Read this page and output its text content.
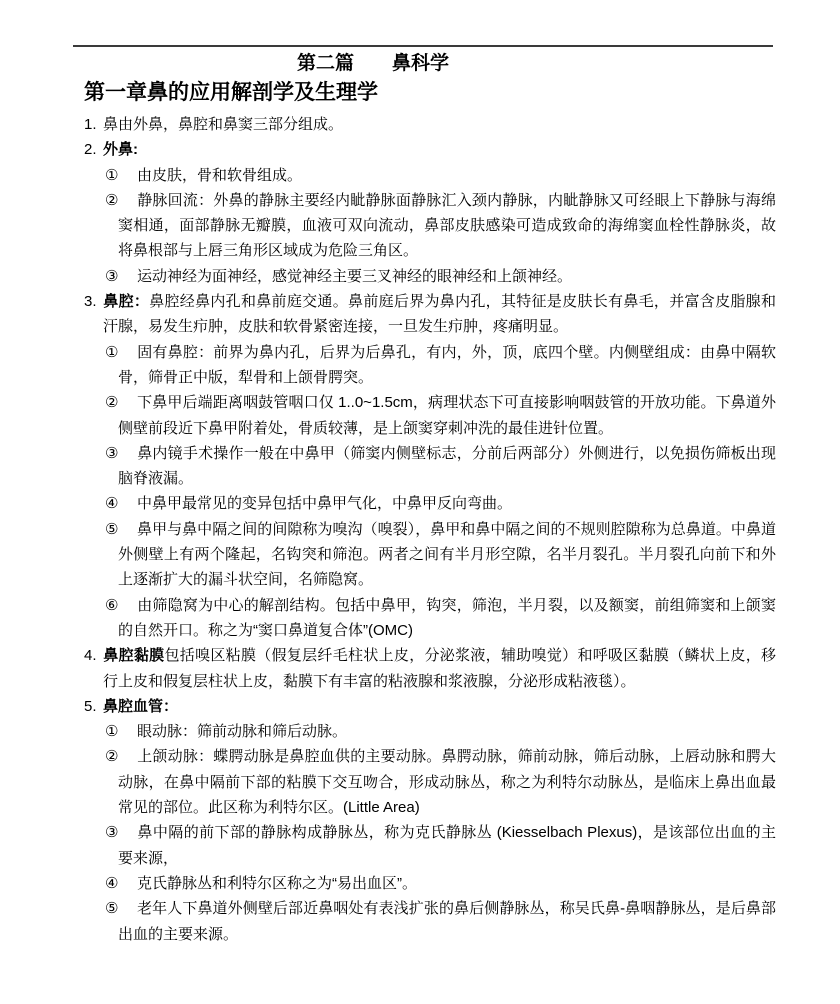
第二篇　　鼻科学
第一章鼻的应用解剖学及生理学

1. 鼻由外鼻，鼻腔和鼻窦三部分组成。

2. 外鼻:

① 由皮肤，骨和软骨组成。

② 静脉回流：外鼻的静脉主要经内眦静脉面静脉汇入颈内静脉，内眦静脉又可经眼上下静脉与海绵窦相通，面部静脉无瓣膜，血液可双向流动，鼻部皮肤感染可造成致命的海绵窦血栓性静脉炎，故将鼻根部与上唇三角形区域成为危险三角区。

③ 运动神经为面神经，感觉神经主要三叉神经的眼神经和上颌神经。

3. 鼻腔：鼻腔经鼻内孔和鼻前庭交通。鼻前庭后界为鼻内孔，其特征是皮肤长有鼻毛，并富含皮脂腺和汗腺，易发生疖肿，皮肤和软骨紧密连接，一旦发生疖肿，疼痛明显。

① 固有鼻腔：前界为鼻内孔，后界为后鼻孔，有内，外，顶，底四个壁。内侧壁组成：由鼻中隔软骨，筛骨正中版，犁骨和上颌骨腭突。

② 下鼻甲后端距离咽鼓管咽口仅 1..0~1.5cm，病理状态下可直接影响咽鼓管的开放功能。下鼻道外侧壁前段近下鼻甲附着处，骨质较薄，是上颌窦穿刺冲洗的最佳进针位置。

③ 鼻内镜手术操作一般在中鼻甲（筛窦内侧壁标志，分前后两部分）外侧进行，以免损伤筛板出现脑脊液漏。

④ 中鼻甲最常见的变异包括中鼻甲气化，中鼻甲反向弯曲。

⑤ 鼻甲与鼻中隔之间的间隙称为嗅沟（嗅裂），鼻甲和鼻中隔之间的不规则腔隙称为总鼻道。中鼻道外侧壁上有两个隆起，名钩突和筛泡。两者之间有半月形空隙，名半月裂孔。半月裂孔向前下和外上逐渐扩大的漏斗状空间，名筛隐窝。

⑥ 由筛隐窝为中心的解剖结构。包括中鼻甲，钩突，筛泡，半月裂，以及额窦，前组筛窦和上颌窦的自然开口。称之为“窦口鼻道复合体”(OMC)

4. 鼻腔黏膜包括嗅区粘膜（假复层纤毛柱状上皮，分泌浆液，辅助嗅觉）和呼吸区黏膜（鳞状上皮，移行上皮和假复层柱状上皮，黏膜下有丰富的粘液腺和浆液腺，分泌形成粘液毯）。

5. 鼻腔血管：

① 眼动脉：筛前动脉和筛后动脉。

② 上颌动脉：蝶腭动脉是鼻腔血供的主要动脉。鼻腭动脉，筛前动脉，筛后动脉，上唇动脉和腭大动脉，在鼻中隔前下部的粘膜下交互吻合，形成动脉丛，称之为利特尔动脉丛，是临床上鼻出血最常见的部位。此区称为利特尔区。(Little Area)

③ 鼻中隔的前下部的静脉构成静脉丛，称为克氏静脉丛 (Kiesselbach Plexus)，是该部位出血的主要来源，

④ 克氏静脉丛和利特尔区称之为“易出血区”。

⑤ 老年人下鼻道外侧壁后部近鼻咽处有表浅扩张的鼻后侧静脉丛，称吴氏鼻-鼻咽静脉丛，是后鼻部出血的主要来源。
